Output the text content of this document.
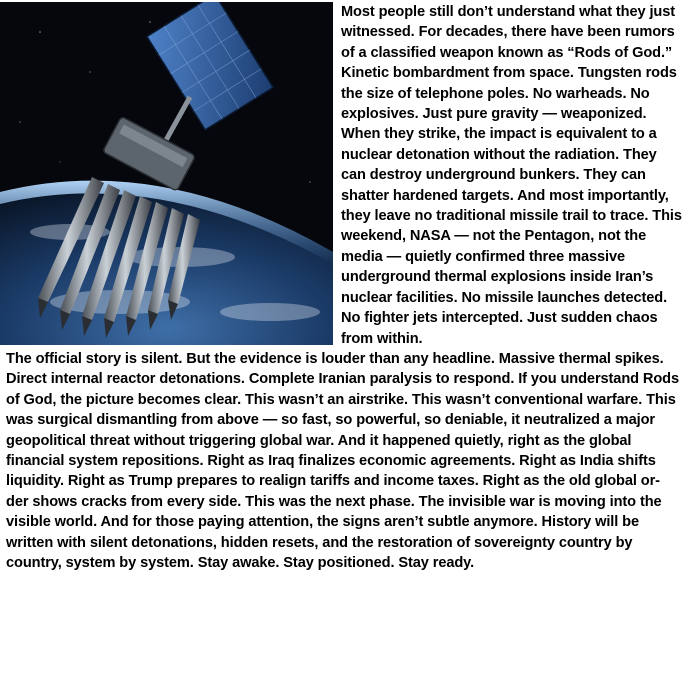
Most people still don’t understand what they just witnessed. For decades, there have been rumors of a classified weapon known as “Rods of God.” Kinetic bombardment from space. Tungsten rods the size of telephone poles. No warheads. No explosives. Just pure gravity — weaponized. When they strike, the impact is equivalent to a nuclear detonation without the radiation. They can destroy underground bunkers. They can shatter hardened targets. And most importantly, they leave no traditional missile trail to trace. This weekend, NASA — not the Pentagon, not the media — quietly confirmed three massive underground thermal explosions inside Iran’s nuclear facilities. No missile launches detected. No fighter jets intercepted. Just sudden chaos from within.

The official story is silent. But the evidence is louder than any headline. Massive thermal spikes. Direct internal reactor detonations. Complete Iranian paralysis to respond. If you understand Rods of God, the picture becomes clear. This wasn’t an airstrike. This wasn’t conventional warfare. This was surgical dismantling from above — so fast, so powerful, so deniable, it neutralized a major geopolitical threat without triggering global war. And it happened quietly, right as the global financial system repositions. Right as Iraq finalizes economic agreements. Right as India shifts liquidity. Right as Trump prepares to realign tariffs and income taxes. Right as the old global or-der shows cracks from every side. This was the next phase. The invisible war is moving into the visible world. And for those paying attention, the signs aren’t subtle anymore. History will be written with silent detonations, hidden resets, and the restoration of sovereignty country by country, system by system. Stay awake. Stay positioned. Stay ready.
